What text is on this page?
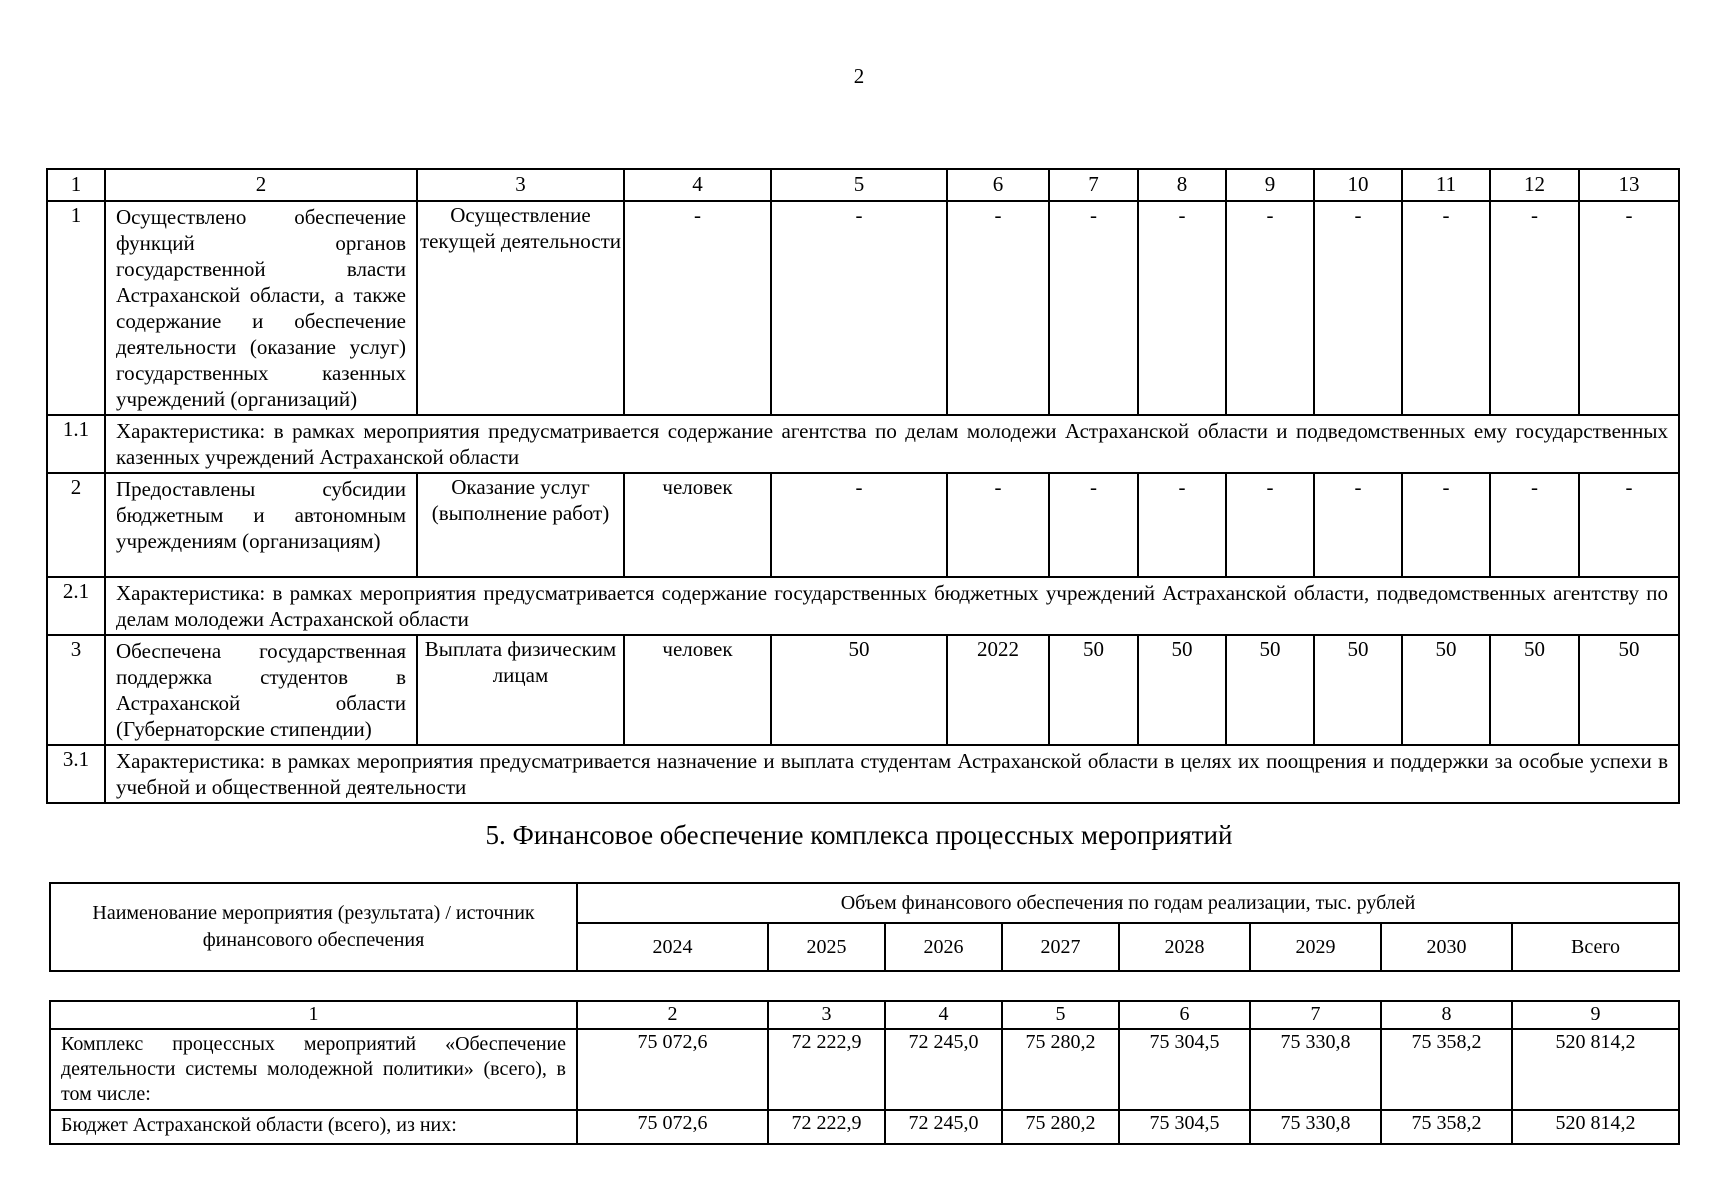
2
1	2	3	4	5	6	7	8	9	10	11	12	13
1	Осуществлено обеспечение функций органов государственной власти Астраханской области, а также содержание и обеспечение деятельности (оказание услуг) государственных казенных учреждений (организаций)	Осуществление текущей деятельности	-	-	-	-	-	-	-	-	-	-
1.1	Характеристика: в рамках мероприятия предусматривается содержание агентства по делам молодежи Астраханской области и подведомственных ему государственных казенных учреждений Астраханской области											
2	Предоставлены субсидии бюджетным и автономным учреждениям (организациям)	Оказание услуг (выполнение работ)	человек	-	-	-	-	-	-	-	-	-
2.1	Характеристика: в рамках мероприятия предусматривается содержание государственных бюджетных учреждений Астраханской области, подведомственных агентству по делам молодежи Астраханской области											
3	Обеспечена государственная поддержка студентов в Астраханской области (Губернаторские стипендии)	Выплата физическим лицам	человек	50	2022	50	50	50	50	50	50	50
3.1	Характеристика: в рамках мероприятия предусматривается назначение и выплата студентам Астраханской области в целях их поощрения и поддержки за особые успехи в учебной и общественной деятельности											
5. Финансовое обеспечение комплекса процессных мероприятий
Наименование мероприятия (результата) / источник финансового обеспечения	Объем финансового обеспечения по годам реализации, тыс. рублей							
	2024	2025	2026	2027	2028	2029	2030	Всего
1	2	3	4	5	6	7	8	9
Комплекс процессных мероприятий «Обеспечение деятельности системы молодежной политики» (всего), в том числе:	75 072,6	72 222,9	72 245,0	75 280,2	75 304,5	75 330,8	75 358,2	520 814,2
Бюджет Астраханской области (всего), из них:	75 072,6	72 222,9	72 245,0	75 280,2	75 304,5	75 330,8	75 358,2	520 814,2
